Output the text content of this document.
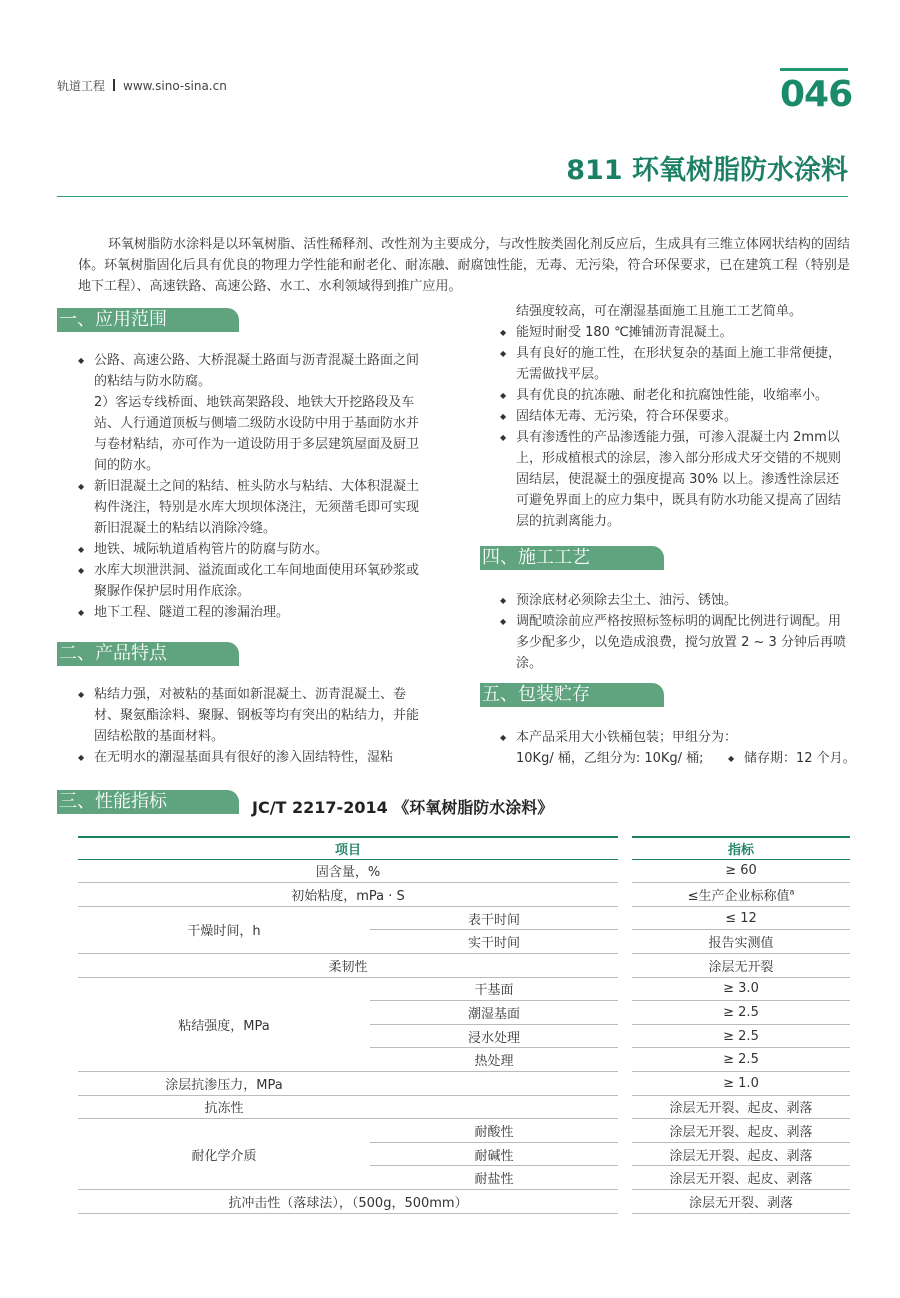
轨道工程 www.sino-sina.cn	046
811 环氧树脂防水涂料

环氧树脂防水涂料是以环氧树脂、活性稀释剂、改性剂为主要成分，与改性胺类固化剂反应后，生成具有三维立体网状结构的固结体。环氧树脂固化后具有优良的物理力学性能和耐老化、耐冻融、耐腐蚀性能，无毒、无污染，符合环保要求，已在建筑工程（特别是地下工程）、高速铁路、高速公路、水工、水利领域得到推广应用。

一、应用范围
◆ 公路、高速公路、大桥混凝土路面与沥青混凝土路面之间的粘结与防水防腐。
2）客运专线桥面、地铁高架路段、地铁大开挖路段及车站、人行通道顶板与侧墙二级防水设防中用于基面防水并与卷材粘结，亦可作为一道设防用于多层建筑屋面及厨卫间的防水。
◆ 新旧混凝土之间的粘结、桩头防水与粘结、大体积混凝土构件浇注，特别是水库大坝坝体浇注，无须凿毛即可实现新旧混凝土的粘结以消除冷缝。
◆ 地铁、城际轨道盾构管片的防腐与防水。
◆ 水库大坝泄洪洞、溢流面或化工车间地面使用环氧砂浆或聚脲作保护层时用作底涂。
◆ 地下工程、隧道工程的渗漏治理。
二、产品特点
◆ 粘结力强，对被粘的基面如新混凝土、沥青混凝土、卷材、聚氨酯涂料、聚脲、钢板等均有突出的粘结力，并能固结松散的基面材料。
◆ 在无明水的潮湿基面具有很好的渗入固结特性，湿粘
结强度较高，可在潮湿基面施工且施工工艺简单。
◆ 能短时耐受 180 ℃摊铺沥青混凝土。
◆ 具有良好的施工性，在形状复杂的基面上施工非常便捷，无需做找平层。
◆ 具有优良的抗冻融、耐老化和抗腐蚀性能，收缩率小。
◆ 固结体无毒、无污染，符合环保要求。
◆ 具有渗透性的产品渗透能力强，可渗入混凝土内 2mm以上，形成植根式的涂层，渗入部分形成犬牙交错的不规则固结层，使混凝土的强度提高 30% 以上。渗透性涂层还可避免界面上的应力集中，既具有防水功能又提高了固结层的抗剥离能力。
四、施工工艺
◆ 预涂底材必须除去尘土、油污、锈蚀。
◆ 调配喷涂前应严格按照标签标明的调配比例进行调配。用多少配多少，以免造成浪费，搅匀放置 2 ~ 3 分钟后再喷涂。
五、包装贮存
◆ 本产品采用大小铁桶包装；甲组分为：10Kg/ 桶，乙组分为: 10Kg/ 桶;	◆ 储存期：12 个月。
三、性能指标	JC/T 2217-2014 《环氧树脂防水涂料》
项目			指标
固含量，%			≥ 60
初始粘度，mPa · S			≤生产企业标称值$^a$
干燥时间，h	表干时间		≤ 12
	实干时间		报告实测值
柔韧性			涂层无开裂
粘结强度，MPa	干基面		≥ 3.0
	潮湿基面		≥ 2.5
	浸水处理		≥ 2.5
	热处理		≥ 2.5
涂层抗渗压力，MPa			≥ 1.0
抗冻性			涂层无开裂、起皮、剥落
耐化学介质	耐酸性		涂层无开裂、起皮、剥落
	耐碱性		涂层无开裂、起皮、剥落
	耐盐性		涂层无开裂、起皮、剥落
抗冲击性（落球法），（500g，500mm）			涂层无开裂、剥落
